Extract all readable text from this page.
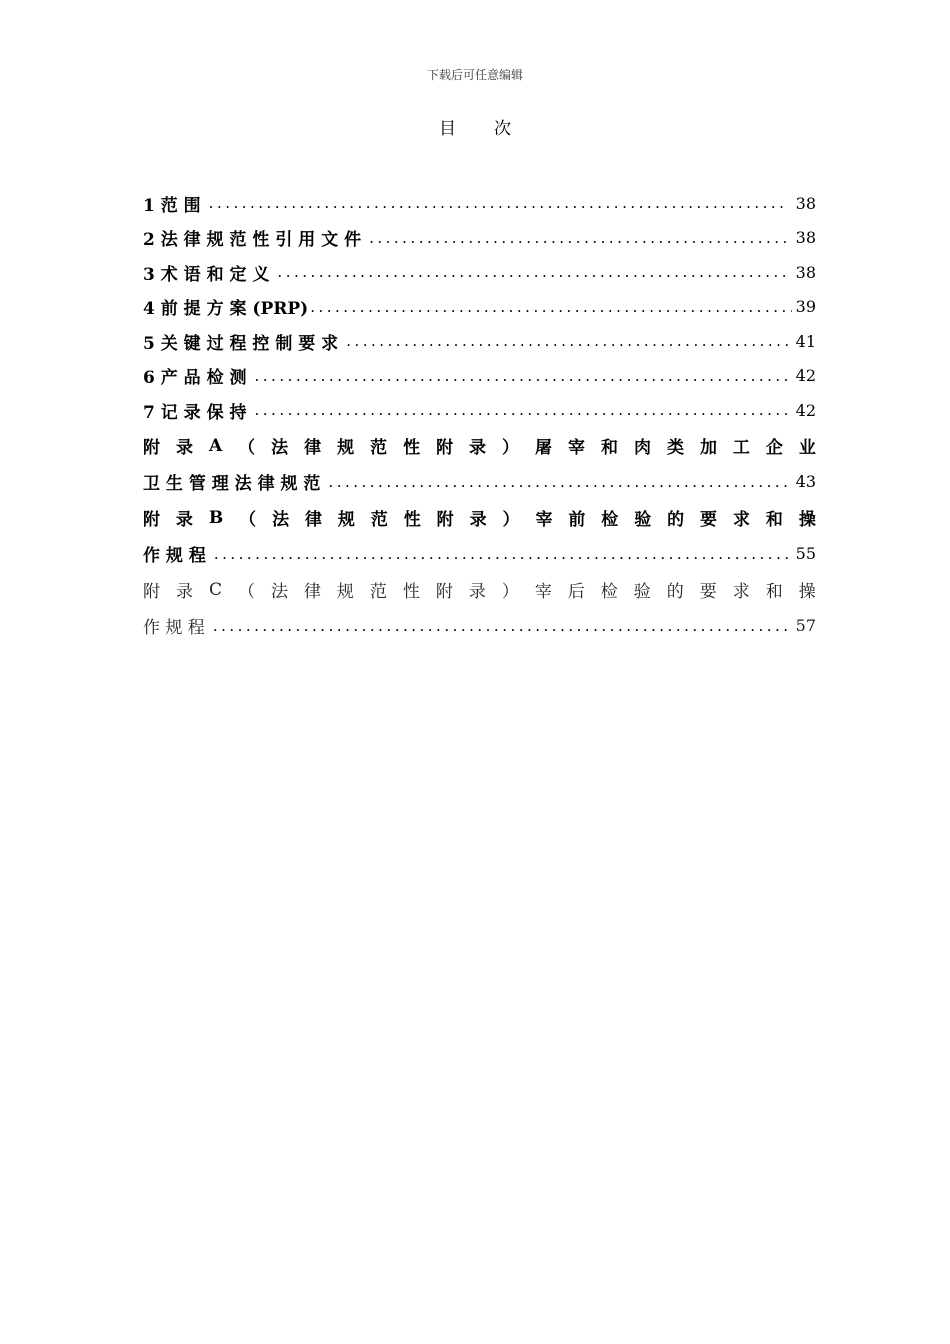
下载后可任意编辑
目 次
1 范 围 .....	38
2 法 律 规 范 性 引 用 文 件 .....	38
3 术 语 和 定 义 .....	38
4 前 提 方 案 (PRP) .....	39
5 关 键 过 程 控 制 要 求 .....	41
6 产 品 检 测 .....	42
7 记 录 保 持 .....	42
附 录 A （ 法 律 规 范 性 附 录 ） 屠 宰 和 肉 类 加 工 企 业
卫 生 管 理 法 律 规 范 .....	43
附 录 B （ 法 律 规 范 性 附 录 ） 宰 前 检 验 的 要 求 和 操
作 规 程 .....	55
附 录 C （ 法 律 规 范 性 附 录 ） 宰 后 检 验 的 要 求 和 操
作 规 程 .....	57
